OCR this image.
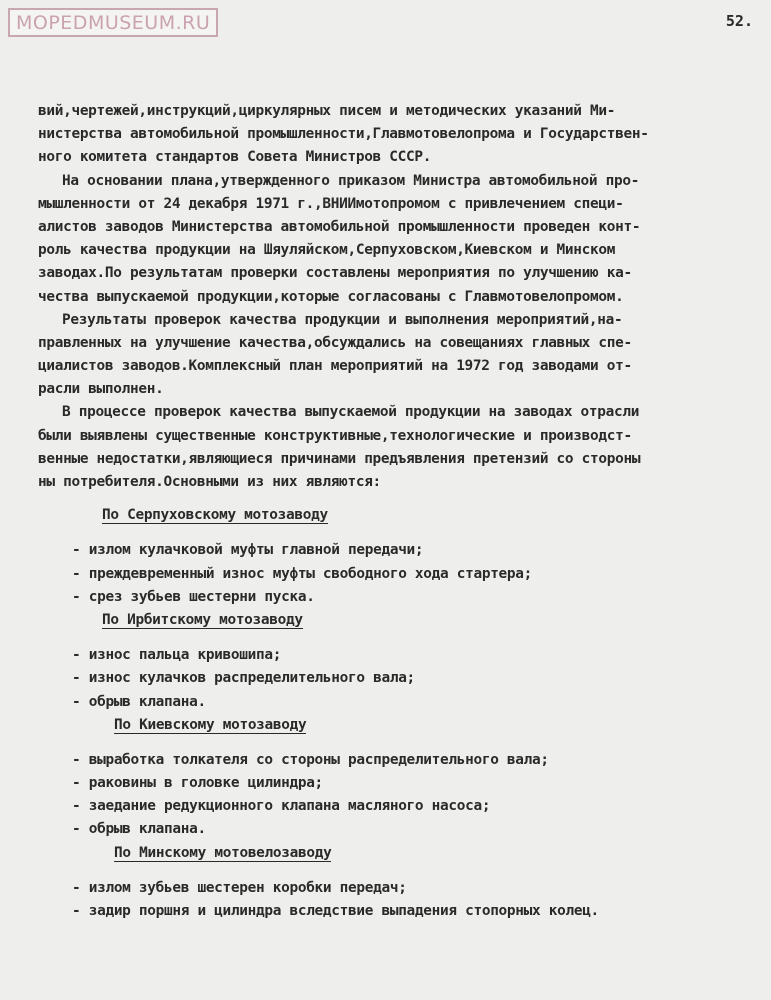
MOPEDMUSEUM.RU	52.
вий,чертежей,инструкций,циркулярных писем и методических указаний Ми-
нистерства автомобильной промышленности,Главмотовелопрома и Государствен-
ного комитета стандартов Совета Министров СССР.
На основании плана,утвержденного приказом Министра автомобильной про-
мышленности от 24 декабря 1971 г.,ВНИИмотопромом с привлечением специ-
алистов заводов Министерства автомобильной промышленности проведен конт-
роль качества продукции на Шяуляйском,Серпуховском,Киевском и Минском
заводах.По результатам проверки составлены мероприятия по улучшению ка-
чества выпускаемой продукции,которые согласованы с Главмотовелопромом.
Результаты проверок качества продукции и выполнения мероприятий,на-
правленных на улучшение качества,обсуждались на совещаниях главных спе-
циалистов заводов.Комплексный план мероприятий на 1972 год заводами от-
расли выполнен.
В процессе проверок качества выпускаемой продукции на заводах отрасли
были выявлены существенные конструктивные,технологические и производст-
венные недостатки,являющиеся причинами предъявления претензий со стороны
ны потребителя.Основными из них являются:
По Серпуховскому мотозаводу
- излом кулачковой муфты главной передачи;
- преждевременный износ муфты свободного хода стартера;
- срез зубьев шестерни пуска.
По Ирбитскому мотозаводу
- износ пальца кривошипа;
- износ кулачков распределительного вала;
- обрыв клапана.
По Киевскому мотозаводу
- выработка толкателя со стороны распределительного вала;
- раковины в головке цилиндра;
- заедание редукционного клапана масляного насоса;
- обрыв клапана.
По Минскому мотовелозаводу
- излом зубьев шестерен коробки передач;
- задир поршня и цилиндра вследствие выпадения стопорных колец.
